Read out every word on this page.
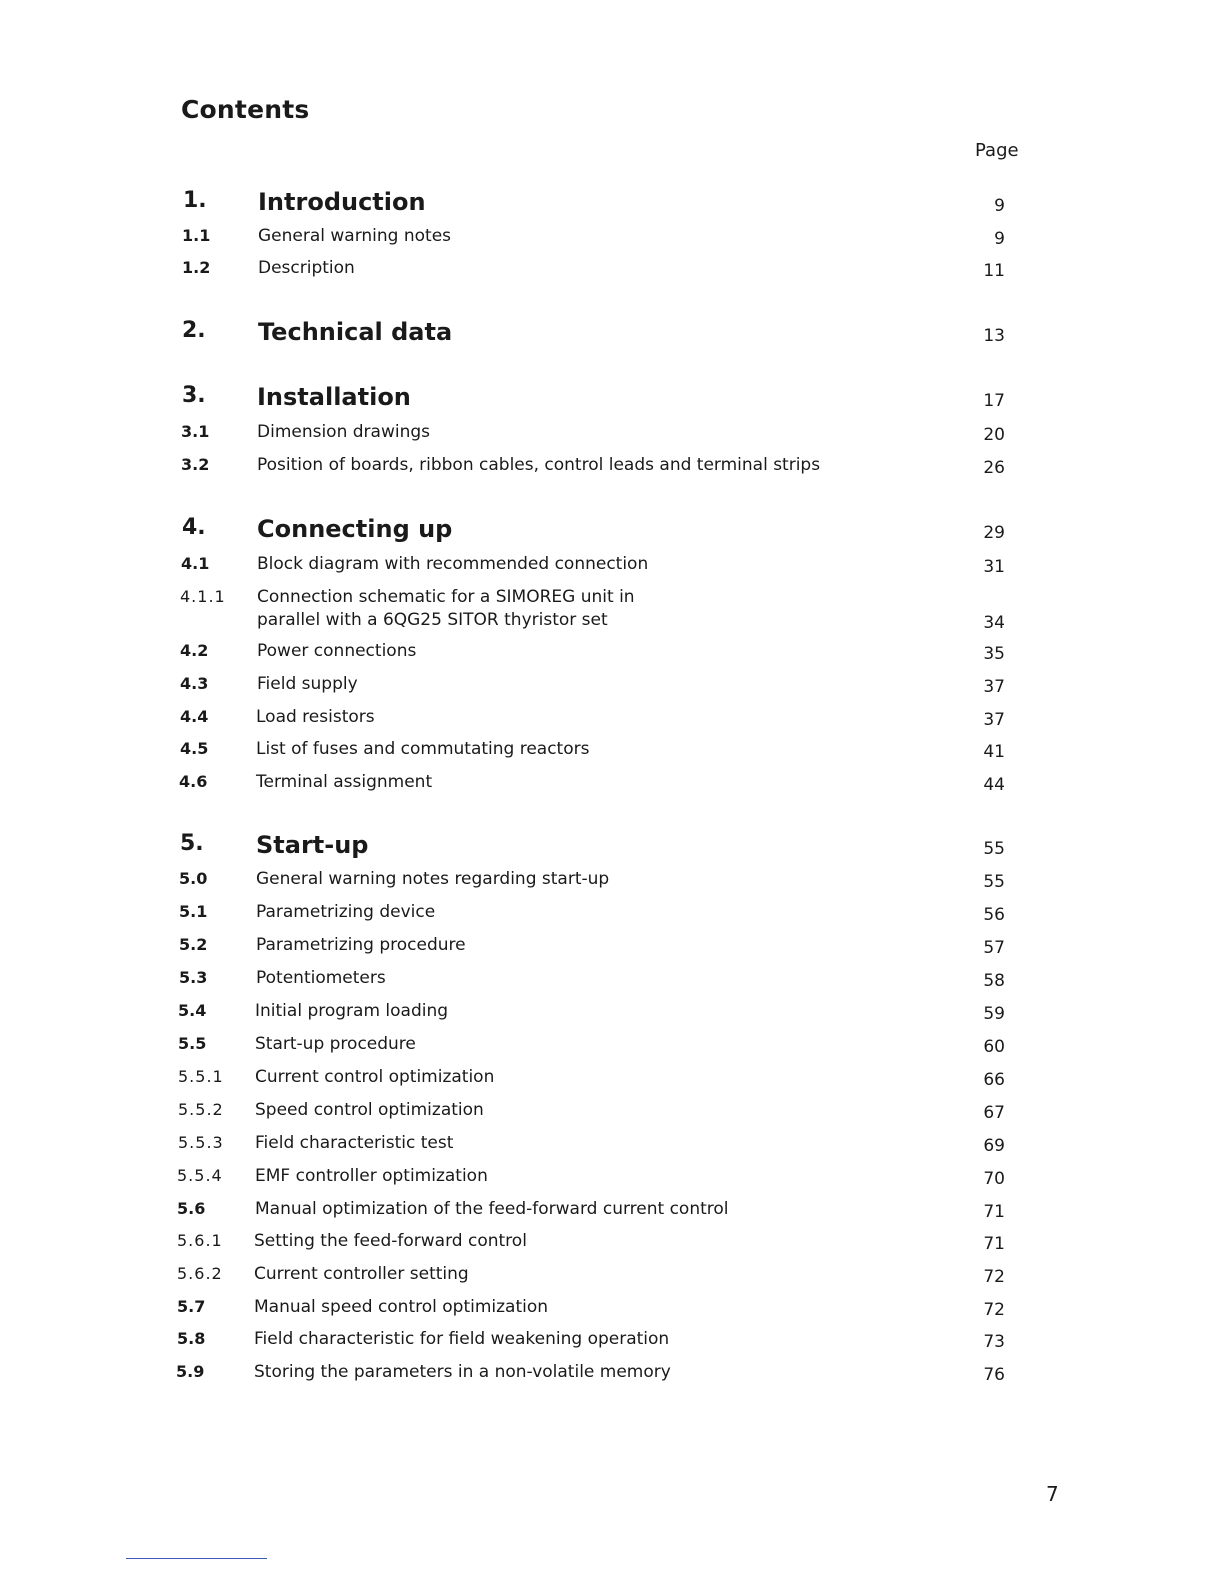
Contents
Page
1. Introduction	9
1.1	General warning notes	9
1.2	Description	11
2. Technical data	13
3. Installation	17
3.1	Dimension drawings	20
3.2	Position of boards, ribbon cables, control leads and terminal strips	26
4. Connecting up	29
4.1	Block diagram with recommended connection	31
4.1.1 Connection schematic for a SIMOREG unit in parallel with a 6QG25 SITOR thyristor set	34
4.2	Power connections	35
4.3	Field supply	37
4.4	Load resistors	37
4.5	List of fuses and commutating reactors	41
4.6	Terminal assignment	44
5. Start-up	55
5.0	General warning notes regarding start-up	55
5.1	Parametrizing device	56
5.2	Parametrizing procedure	57
5.3	Potentiometers	58
5.4	Initial program loading	59
5.5	Start-up procedure	60
5.5.1 Current control optimization	66
5.5.2 Speed control optimization	67
5.5.3 Field characteristic test	69
5.5.4 EMF controller optimization	70
5.6	Manual optimization of the feed-forward current control	71
5.6.1 Setting the feed-forward control	71
5.6.2 Current controller setting	72
5.7	Manual speed control optimization	72
5.8	Field characteristic for field weakening operation	73
5.9	Storing the parameters in a non-volatile memory	76
7
